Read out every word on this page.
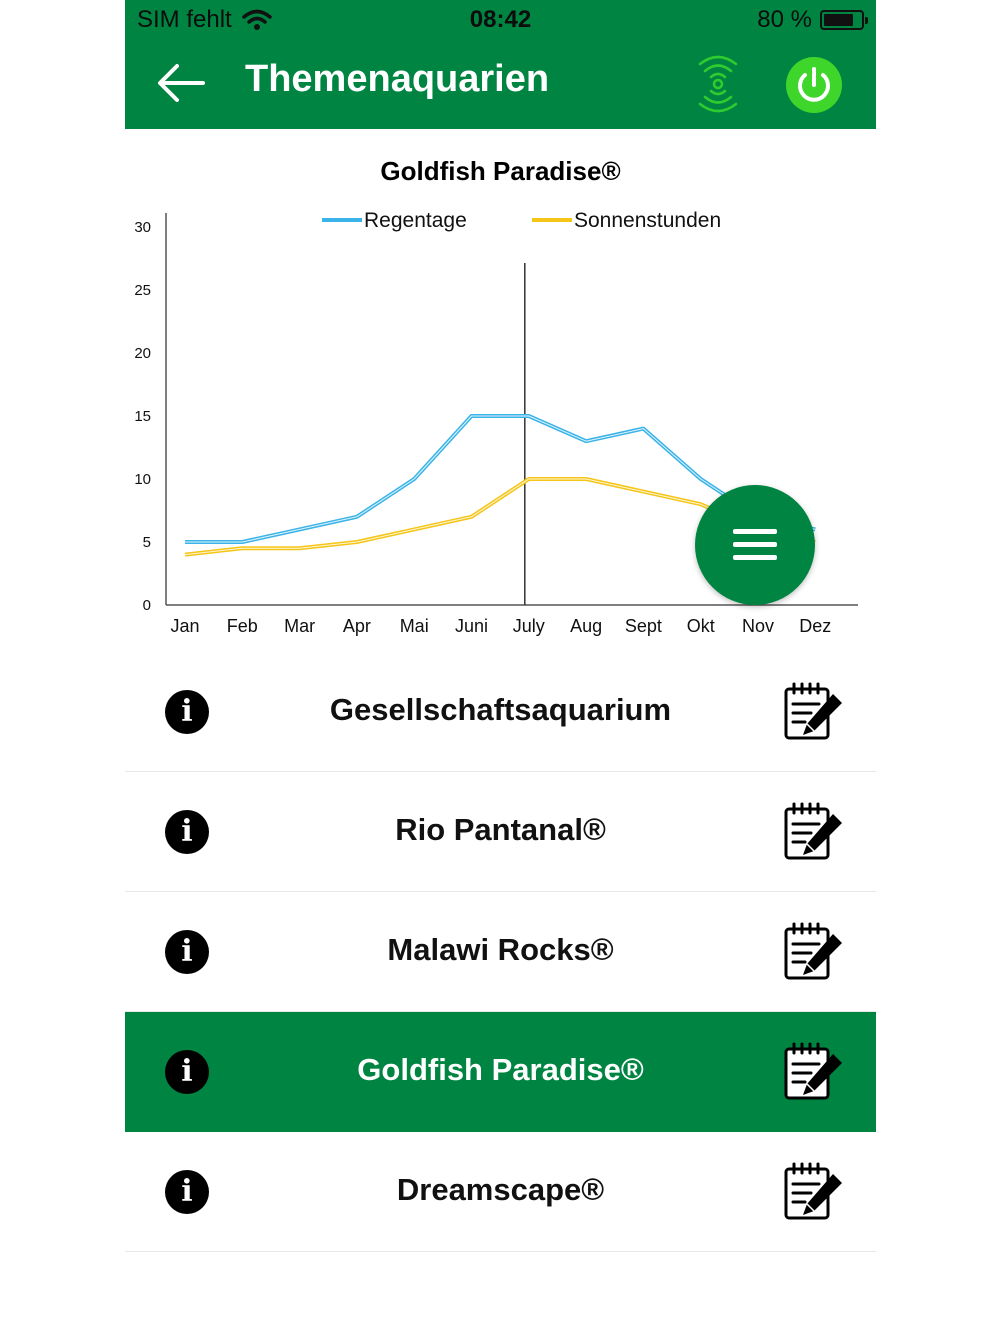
SIM fehlt	08:42	80 %
Themenaquarien
0
5
10
15
20
25
30
Jan Feb Mar Apr Mai Juni July Aug Sept Okt Nov Dez
Regentage	Sonnenstunden
Goldfish Paradise®
i	Gesellschaftsaquarium
i	Rio Pantanal®
i	Malawi Rocks®
i	Goldfish Paradise®
i	Dreamscape®
